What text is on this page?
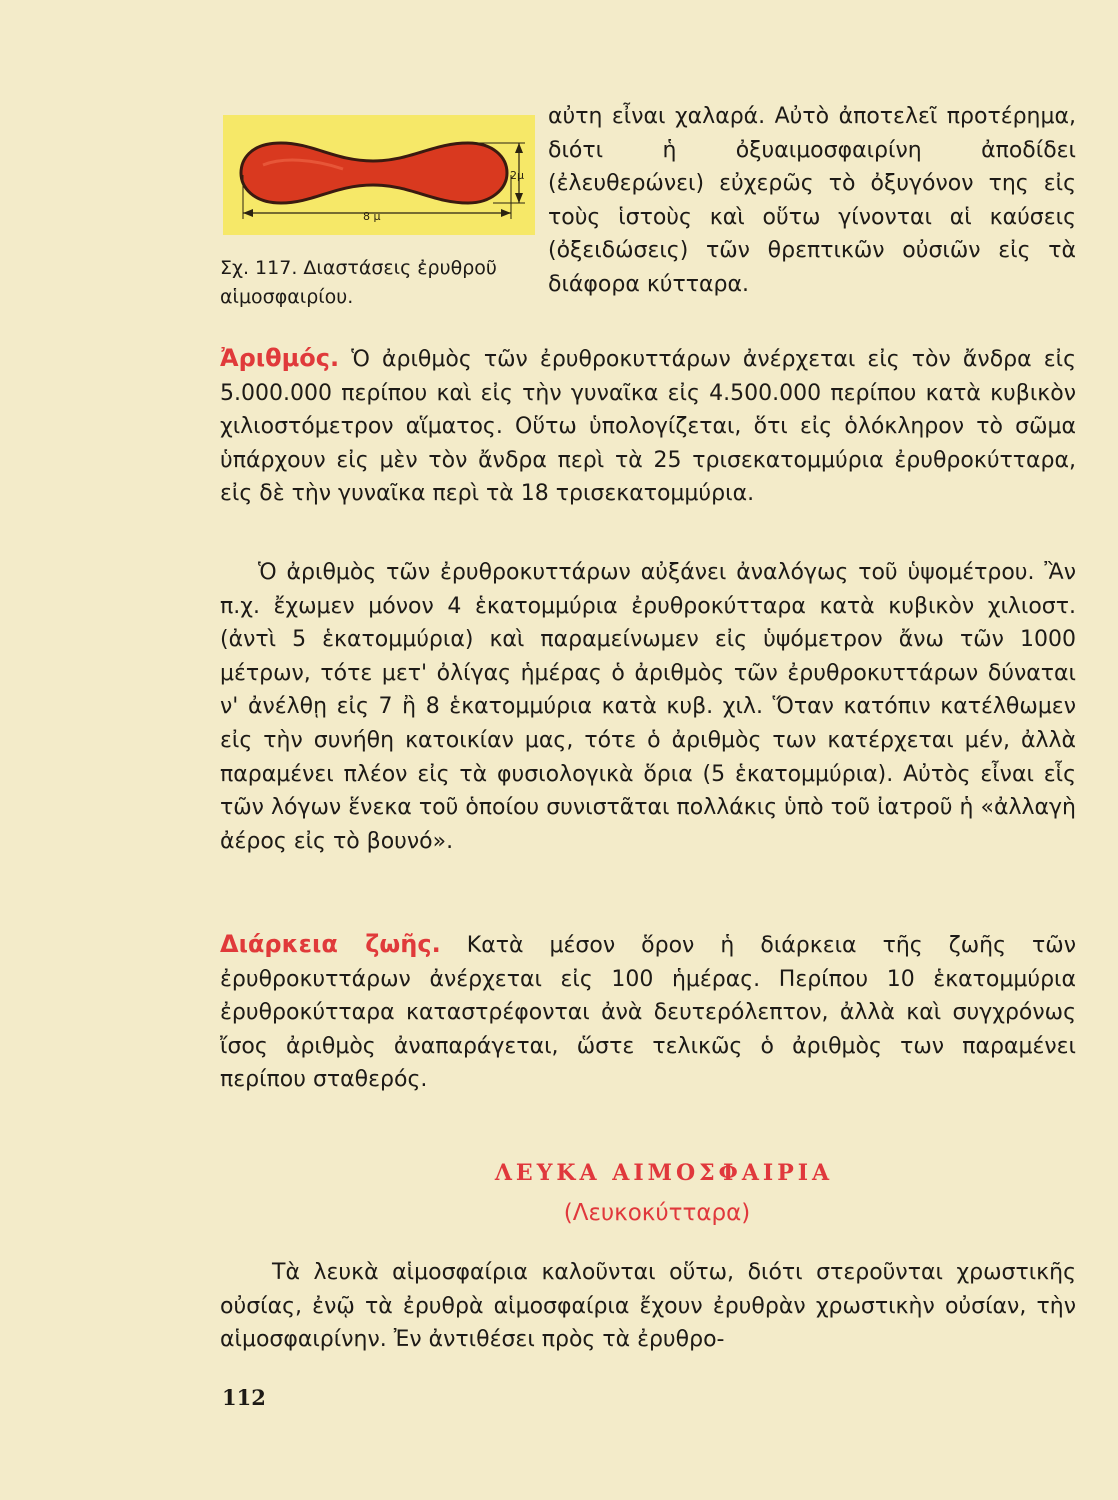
8 μ
2μ
Σχ. 117. Διαστάσεις ἐρυθροῦ αἱμοσφαιρίου.

αὐτη εἶναι χαλαρά. Αὐτὸ ἀποτελεῖ προτέρημα, διότι ἡ ὀξυαιμοσφαιρίνη ἀποδίδει (ἐλευθερώνει) εὐχερῶς τὸ ὀξυγόνον της εἰς τοὺς ἱστοὺς καὶ οὕτω γίνονται αἱ καύσεις (ὀξειδώσεις) τῶν θρεπτικῶν οὐσιῶν εἰς τὰ διάφορα κύτταρα.

Ἀριθμός. Ὁ ἀριθμὸς τῶν ἐρυθροκυττάρων ἀνέρχεται εἰς τὸν ἄνδρα εἰς 5.000.000 περίπου καὶ εἰς τὴν γυναῖκα εἰς 4.500.000 περίπου κατὰ κυβικὸν χιλιοστόμετρον αἵματος. Οὕτω ὑπολογίζεται, ὅτι εἰς ὁλόκληρον τὸ σῶμα ὑπάρχουν εἰς μὲν τὸν ἄνδρα περὶ τὰ 25 τρισεκατομμύρια ἐρυθροκύτταρα, εἰς δὲ τὴν γυναῖκα περὶ τὰ 18 τρισεκατομμύρια.

Ὁ ἀριθμὸς τῶν ἐρυθροκυττάρων αὐξάνει ἀναλόγως τοῦ ὑψομέτρου. Ἂν π.χ. ἔχωμεν μόνον 4 ἑκατομμύρια ἐρυθροκύτταρα κατὰ κυβικὸν χιλιοστ. (ἀντὶ 5 ἑκατομμύρια) καὶ παραμείνωμεν εἰς ὑψόμετρον ἄνω τῶν 1000 μέτρων, τότε μετ' ὀλίγας ἡμέρας ὁ ἀριθμὸς τῶν ἐρυθροκυττάρων δύναται ν' ἀνέλθῃ εἰς 7 ἢ 8 ἑκατομμύρια κατὰ κυβ. χιλ. Ὅταν κατόπιν κατέλθωμεν εἰς τὴν συνήθη κατοικίαν μας, τότε ὁ ἀριθμὸς των κατέρχεται μέν, ἀλλὰ παραμένει πλέον εἰς τὰ φυσιολογικὰ ὅρια (5 ἑκατομμύρια). Αὐτὸς εἶναι εἷς τῶν λόγων ἕνεκα τοῦ ὁποίου συνιστᾶται πολλάκις ὑπὸ τοῦ ἰατροῦ ἡ «ἀλλαγὴ ἀέρος εἰς τὸ βουνό».

Διάρκεια ζωῆς. Κατὰ μέσον ὅρον ἡ διάρκεια τῆς ζωῆς τῶν ἐρυθροκυττάρων ἀνέρχεται εἰς 100 ἡμέρας. Περίπου 10 ἑκατομμύρια ἐρυθροκύτταρα καταστρέφονται ἀνὰ δευτερόλεπτον, ἀλλὰ καὶ συγχρόνως ἴσος ἀριθμὸς ἀναπαράγεται, ὥστε τελικῶς ὁ ἀριθμὸς των παραμένει περίπου σταθερός.

ΛΕΥΚΑ ΑΙΜΟΣΦΑΙΡΙΑ
(Λευκοκύτταρα)

Τὰ λευκὰ αἱμοσφαίρια καλοῦνται οὕτω, διότι στεροῦνται χρωστικῆς οὐσίας, ἐνῷ τὰ ἐρυθρὰ αἱμοσφαίρια ἔχουν ἐρυθρὰν χρωστικὴν οὐσίαν, τὴν αἱμοσφαιρίνην. Ἐν ἀντιθέσει πρὸς τὰ ἐρυθρο-

112
